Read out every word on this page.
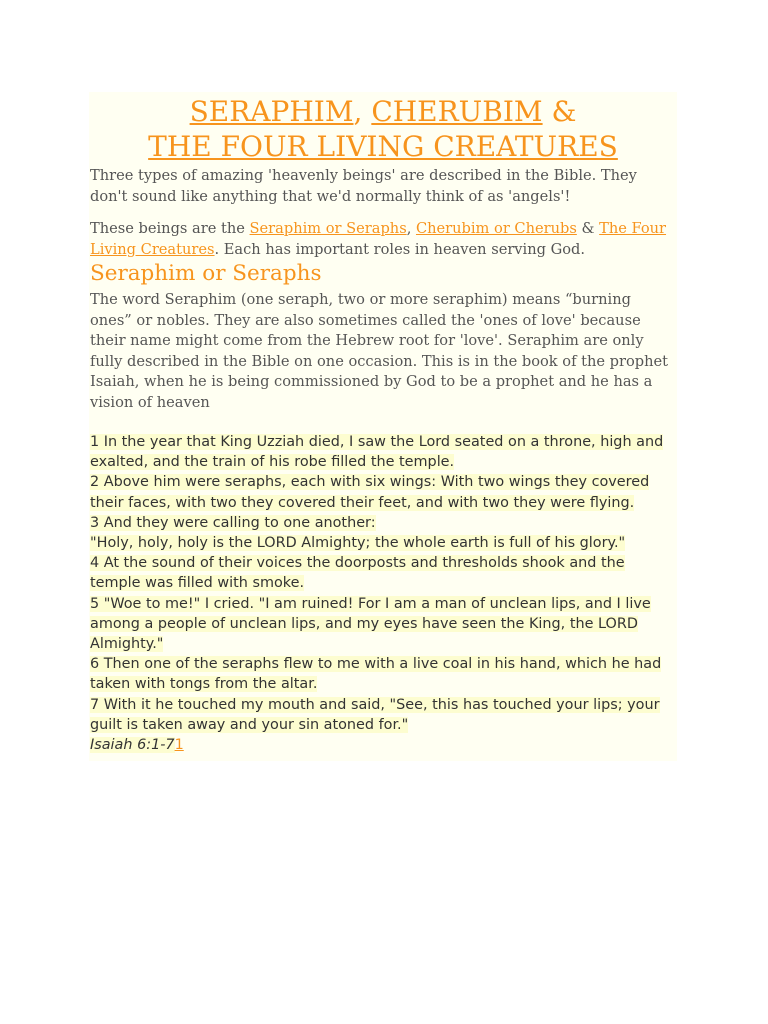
SERAPHIM, CHERUBIM &
THE FOUR LIVING CREATURES

Three types of amazing 'heavenly beings' are described in the Bible. They don't sound like anything that we'd normally think of as 'angels'!

These beings are the Seraphim or Seraphs, Cherubim or Cherubs & The Four Living Creatures. Each has important roles in heaven serving God.

Seraphim or Seraphs

The word Seraphim (one seraph, two or more seraphim) means “burning ones” or nobles. They are also sometimes called the 'ones of love' because their name might come from the Hebrew root for 'love'. Seraphim are only fully described in the Bible on one occasion. This is in the book of the prophet Isaiah, when he is being commissioned by God to be a prophet and he has a vision of heaven

1 In the year that King Uzziah died, I saw the Lord seated on a throne, high and exalted, and the train of his robe filled the temple.

2 Above him were seraphs, each with six wings: With two wings they covered their faces, with two they covered their feet, and with two they were flying.

3 And they were calling to one another:

"Holy, holy, holy is the LORD Almighty; the whole earth is full of his glory."

4 At the sound of their voices the doorposts and thresholds shook and the temple was filled with smoke.

5 "Woe to me!" I cried. "I am ruined! For I am a man of unclean lips, and I live among a people of unclean lips, and my eyes have seen the King, the LORD Almighty."

6 Then one of the seraphs flew to me with a live coal in his hand, which he had taken with tongs from the altar.

7 With it he touched my mouth and said, "See, this has touched your lips; your guilt is taken away and your sin atoned for."

Isaiah 6:1-71
